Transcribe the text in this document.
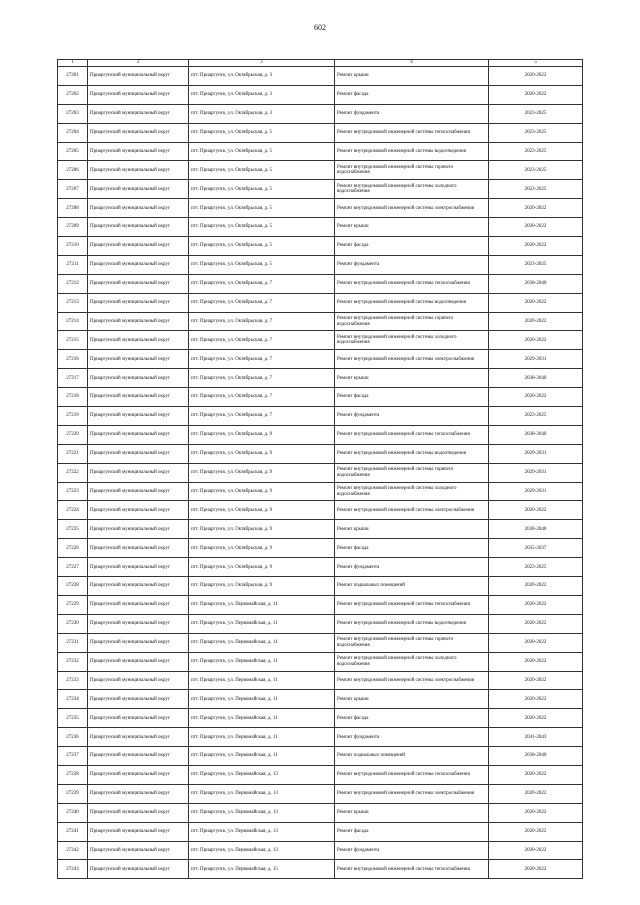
602
1	2	3	4	5
27201	Приаргунский муниципальный округ	пгт. Приаргунск, ул. Октябрьская, д. 3	Ремонт крыши	2020-2022
27202	Приаргунский муниципальный округ	пгт. Приаргунск, ул. Октябрьская, д. 3	Ремонт фасада	2020-2022
27203	Приаргунский муниципальный округ	пгт. Приаргунск, ул. Октябрьская, д. 3	Ремонт фундамента	2023-2025
27204	Приаргунский муниципальный округ	пгт. Приаргунск, ул. Октябрьская, д. 5	Ремонт внутридомовой инженерной системы теплоснабжения	2023-2025
27205	Приаргунский муниципальный округ	пгт. Приаргунск, ул. Октябрьская, д. 5	Ремонт внутридомовой инженерной системы водоотведения	2023-2025
27206	Приаргунский муниципальный округ	пгт. Приаргунск, ул. Октябрьская, д. 5	Ремонт внутридомовой инженерной системы горячего водоснабжения	2023-2025
27207	Приаргунский муниципальный округ	пгт. Приаргунск, ул. Октябрьская, д. 5	Ремонт внутридомовой инженерной системы холодного водоснабжения	2023-2025
27208	Приаргунский муниципальный округ	пгт. Приаргунск, ул. Октябрьская, д. 5	Ремонт внутридомовой инженерной системы электроснабжения	2020-2022
27209	Приаргунский муниципальный округ	пгт. Приаргунск, ул. Октябрьская, д. 5	Ремонт крыши	2020-2022
27210	Приаргунский муниципальный округ	пгт. Приаргунск, ул. Октябрьская, д. 5	Ремонт фасада	2020-2022
27211	Приаргунский муниципальный округ	пгт. Приаргунск, ул. Октябрьская, д. 5	Ремонт фундамента	2023-2025
27212	Приаргунский муниципальный округ	пгт. Приаргунск, ул. Октябрьская, д. 7	Ремонт внутридомовой инженерной системы теплоснабжения	2038-2040
27213	Приаргунский муниципальный округ	пгт. Приаргунск, ул. Октябрьская, д. 7	Ремонт внутридомовой инженерной системы водоотведения	2020-2022
27214	Приаргунский муниципальный округ	пгт. Приаргунск, ул. Октябрьская, д. 7	Ремонт внутридомовой инженерной системы горячего водоснабжения	2020-2022
27215	Приаргунский муниципальный округ	пгт. Приаргунск, ул. Октябрьская, д. 7	Ремонт внутридомовой инженерной системы холодного водоснабжения	2020-2022
27216	Приаргунский муниципальный округ	пгт. Приаргунск, ул. Октябрьская, д. 7	Ремонт внутридомовой инженерной системы электроснабжения	2029-2031
27217	Приаргунский муниципальный округ	пгт. Приаргунск, ул. Октябрьская, д. 7	Ремонт крыши	2038-2040
27218	Приаргунский муниципальный округ	пгт. Приаргунск, ул. Октябрьская, д. 7	Ремонт фасада	2020-2022
27219	Приаргунский муниципальный округ	пгт. Приаргунск, ул. Октябрьская, д. 7	Ремонт фундамента	2023-2025
27220	Приаргунский муниципальный округ	пгт. Приаргунск, ул. Октябрьская, д. 9	Ремонт внутридомовой инженерной системы теплоснабжения	2038-2040
27221	Приаргунский муниципальный округ	пгт. Приаргунск, ул. Октябрьская, д. 9	Ремонт внутридомовой инженерной системы водоотведения	2029-2031
27222	Приаргунский муниципальный округ	пгт. Приаргунск, ул. Октябрьская, д. 9	Ремонт внутридомовой инженерной системы горячего водоснабжения	2029-2031
27223	Приаргунский муниципальный округ	пгт. Приаргунск, ул. Октябрьская, д. 9	Ремонт внутридомовой инженерной системы холодного водоснабжения	2029-2031
27224	Приаргунский муниципальный округ	пгт. Приаргунск, ул. Октябрьская, д. 9	Ремонт внутридомовой инженерной системы электроснабжения	2020-2022
27225	Приаргунский муниципальный округ	пгт. Приаргунск, ул. Октябрьская, д. 9	Ремонт крыши	2038-2040
27226	Приаргунский муниципальный округ	пгт. Приаргунск, ул. Октябрьская, д. 9	Ремонт фасада	2035-2037
27227	Приаргунский муниципальный округ	пгт. Приаргунск, ул. Октябрьская, д. 9	Ремонт фундамента	2023-2025
27228	Приаргунский муниципальный округ	пгт. Приаргунск, ул. Октябрьская, д. 9	Ремонт подвальных помещений	2020-2022
27229	Приаргунский муниципальный округ	пгт. Приаргунск, ул. Первомайская, д. 11	Ремонт внутридомовой инженерной системы теплоснабжения	2020-2022
27230	Приаргунский муниципальный округ	пгт. Приаргунск, ул. Первомайская, д. 11	Ремонт внутридомовой инженерной системы водоотведения	2020-2022
27231	Приаргунский муниципальный округ	пгт. Приаргунск, ул. Первомайская, д. 11	Ремонт внутридомовой инженерной системы горячего водоснабжения	2020-2022
27232	Приаргунский муниципальный округ	пгт. Приаргунск, ул. Первомайская, д. 11	Ремонт внутридомовой инженерной системы холодного водоснабжения	2020-2022
27233	Приаргунский муниципальный округ	пгт. Приаргунск, ул. Первомайская, д. 11	Ремонт внутридомовой инженерной системы электроснабжения	2020-2022
27234	Приаргунский муниципальный округ	пгт. Приаргунск, ул. Первомайская, д. 11	Ремонт крыши	2020-2022
27235	Приаргунский муниципальный округ	пгт. Приаргунск, ул. Первомайская, д. 11	Ремонт фасада	2020-2022
27236	Приаргунский муниципальный округ	пгт. Приаргунск, ул. Первомайская, д. 11	Ремонт фундамента	2041-2043
27237	Приаргунский муниципальный округ	пгт. Приаргунск, ул. Первомайская, д. 11	Ремонт подвальных помещений	2038-2040
27238	Приаргунский муниципальный округ	пгт. Приаргунск, ул. Первомайская, д. 13	Ремонт внутридомовой инженерной системы теплоснабжения	2020-2022
27239	Приаргунский муниципальный округ	пгт. Приаргунск, ул. Первомайская, д. 13	Ремонт внутридомовой инженерной системы электроснабжения	2020-2022
27240	Приаргунский муниципальный округ	пгт. Приаргунск, ул. Первомайская, д. 13	Ремонт крыши	2020-2022
27241	Приаргунский муниципальный округ	пгт. Приаргунск, ул. Первомайская, д. 13	Ремонт фасада	2020-2022
27242	Приаргунский муниципальный округ	пгт. Приаргунск, ул. Первомайская, д. 13	Ремонт фундамента	2020-2022
27243	Приаргунский муниципальный округ	пгт. Приаргунск, ул. Первомайская, д. 15	Ремонт внутридомовой инженерной системы теплоснабжения	2020-2022
